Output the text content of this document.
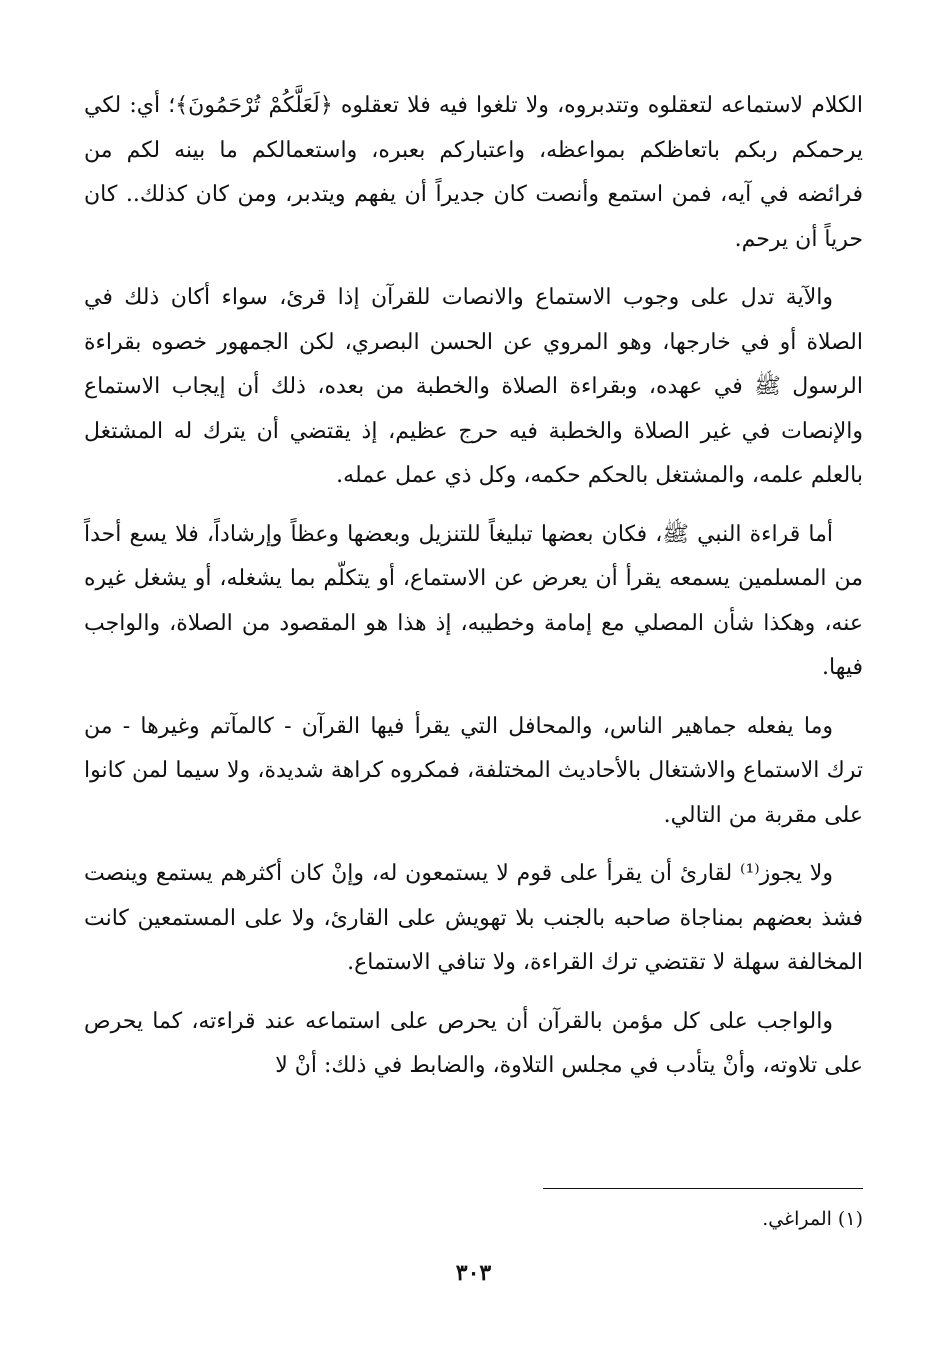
الكلام لاستماعه لتعقلوه وتتدبروه، ولا تلغوا فيه فلا تعقلوه ﴿لَعَلَّكُمْ تُرْحَمُونَ﴾؛ أي: لكي يرحمكم ربكم باتعاظكم بمواعظه، واعتباركم بعبره، واستعمالكم ما بينه لكم من فرائضه في آيه، فمن استمع وأنصت كان جديراً أن يفهم ويتدبر، ومن كان كذلك.. كان حرياً أن يرحم.

والآية تدل على وجوب الاستماع والانصات للقرآن إذا قرئ، سواء أكان ذلك في الصلاة أو في خارجها، وهو المروي عن الحسن البصري، لكن الجمهور خصوه بقراءة الرسول ﷺ في عهده، وبقراءة الصلاة والخطبة من بعده، ذلك أن إيجاب الاستماع والإنصات في غير الصلاة والخطبة فيه حرج عظيم، إذ يقتضي أن يترك له المشتغل بالعلم علمه، والمشتغل بالحكم حكمه، وكل ذي عمل عمله.

أما قراءة النبي ﷺ، فكان بعضها تبليغاً للتنزيل وبعضها وعظاً وإرشاداً، فلا يسع أحداً من المسلمين يسمعه يقرأ أن يعرض عن الاستماع، أو يتكلّم بما يشغله، أو يشغل غيره عنه، وهكذا شأن المصلي مع إمامة وخطيبه، إذ هذا هو المقصود من الصلاة، والواجب فيها.

وما يفعله جماهير الناس، والمحافل التي يقرأ فيها القرآن - كالمآتم وغيرها - من ترك الاستماع والاشتغال بالأحاديث المختلفة، فمكروه كراهة شديدة، ولا سيما لمن كانوا على مقربة من التالي.

ولا يجوز⁽¹⁾ لقارئ أن يقرأ على قوم لا يستمعون له، وإنْ كان أكثرهم يستمع وينصت فشذ بعضهم بمناجاة صاحبه بالجنب بلا تهويش على القارئ، ولا على المستمعين كانت المخالفة سهلة لا تقتضي ترك القراءة، ولا تنافي الاستماع.

والواجب على كل مؤمن بالقرآن أن يحرص على استماعه عند قراءته، كما يحرص على تلاوته، وأنْ يتأدب في مجلس التلاوة، والضابط في ذلك: أنْ لا

(١) المراغي.
٣٠٣
